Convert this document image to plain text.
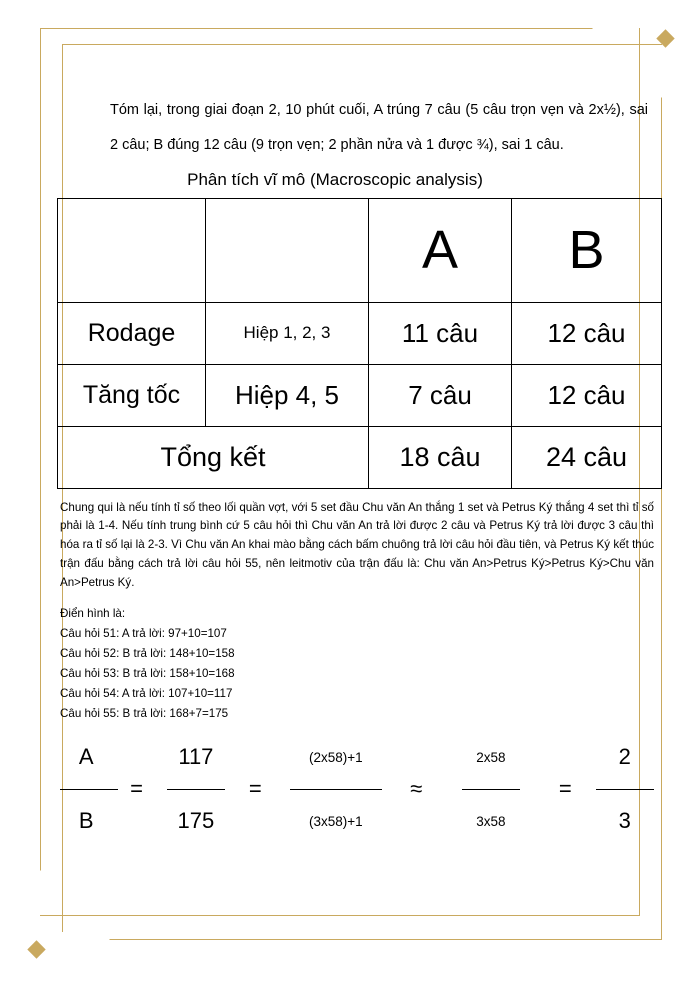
Tóm lại, trong giai đoạn 2, 10 phút cuối, A trúng 7 câu (5 câu trọn vẹn và 2x½), sai 2 câu; B đúng 12 câu (9 trọn vẹn; 2 phần nửa và 1 được ¾), sai 1 câu.

Phân tích vĩ mô (Macroscopic analysis)
		A	B
Rodage	Hiệp 1, 2, 3	11 câu	12 câu
Tăng tốc	Hiệp 4, 5	7 câu	12 câu
Tổng kết		18 câu	24 câu

Chung qui là nếu tính tỉ số theo lối quần vợt, với 5 set đầu Chu văn An thắng 1 set và Petrus Ký thắng 4 set thì tỉ số phải là 1-4. Nếu tính trung bình cứ 5 câu hỏi thì Chu văn An trả lời được 2 câu và Petrus Ký trả lời được 3 câu thì hóa ra tỉ số lại là 2-3. Vì Chu văn An khai mào bằng cách bấm chuông trả lời câu hỏi đầu tiên, và Petrus Ký kết thúc trận đấu bằng cách trả lời câu hỏi 55, nên leitmotiv của trận đấu là: Chu văn An>Petrus Ký>Petrus Ký>Chu văn An>Petrus Ký.

Điển hình là:
Câu hỏi 51: A trả lời: 97+10=107
Câu hỏi 52: B trả lời: 148+10=158
Câu hỏi 53: B trả lời: 158+10=168
Câu hỏi 54: A trả lời: 107+10=117
Câu hỏi 55: B trả lời: 168+7=175
A		117		(2x58)+1		2x58		2

	=		=		≈		=	

B		175		(3x58)+1		3x58		3
